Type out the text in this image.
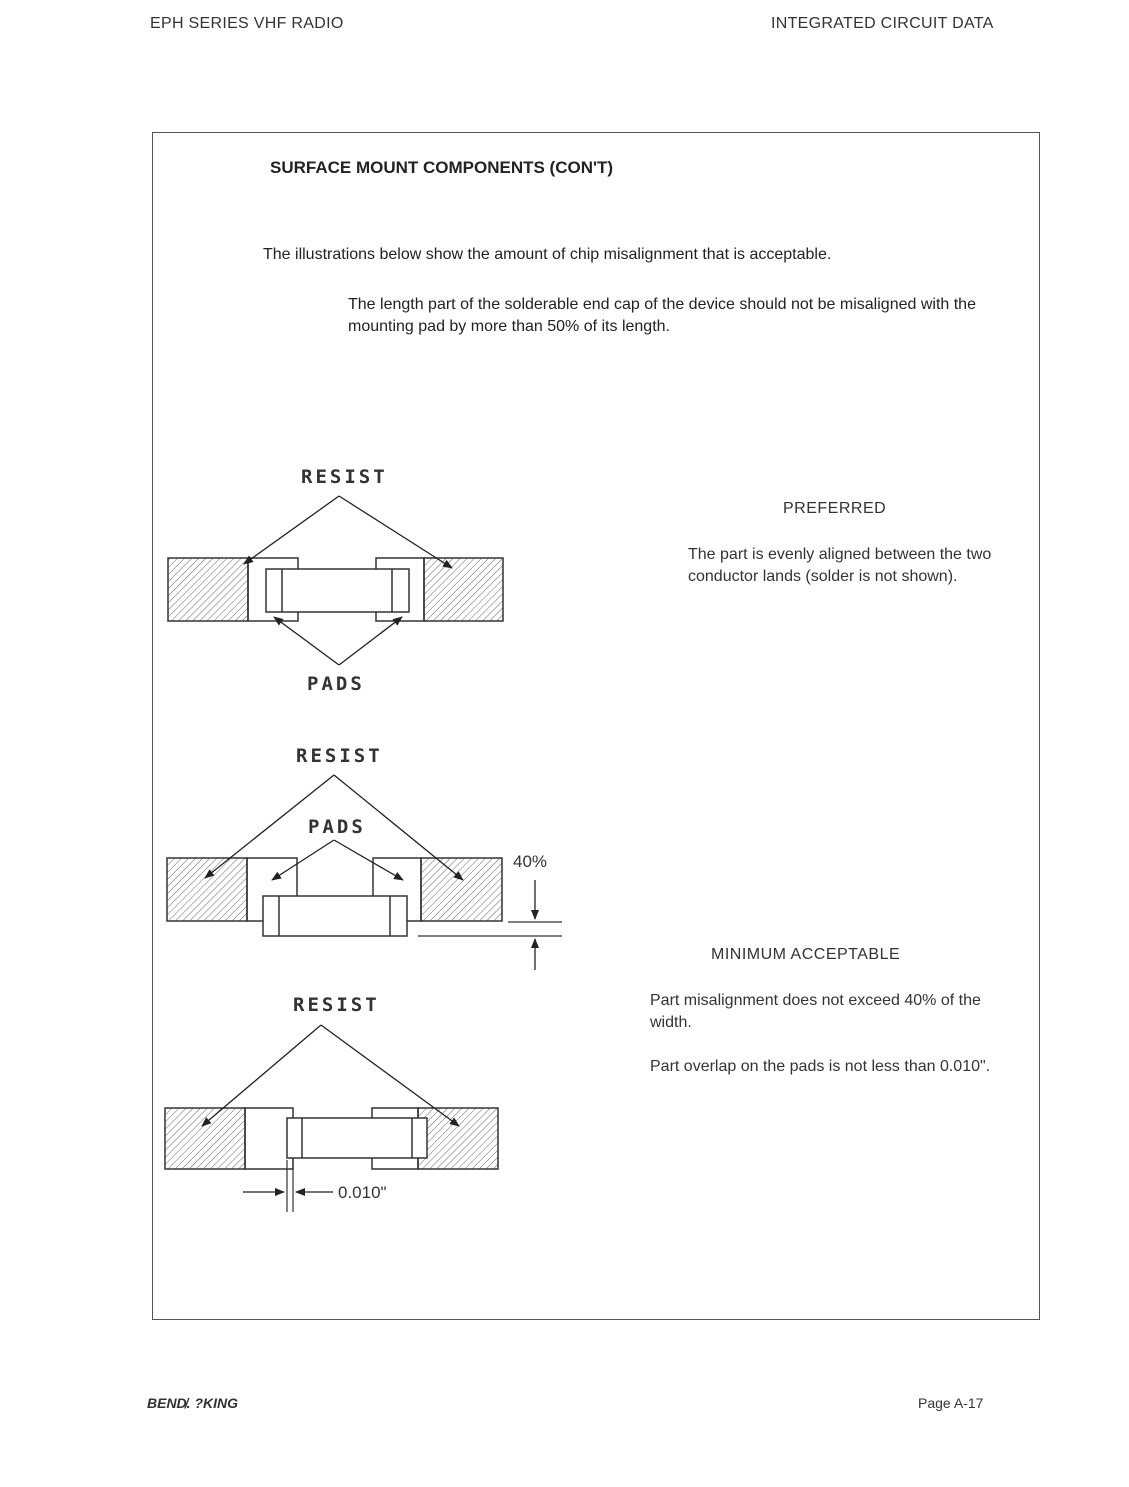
EPH SERIES VHF RADIO	INTEGRATED CIRCUIT DATA
SURFACE MOUNT COMPONENTS (CON'T)
The illustrations below show the amount of chip misalignment that is acceptable.
The length part of the solderable end cap of the device should not be misaligned with the mounting pad by more than 50% of its length.
RESIST
PADS
RESIST
PADS
40%
RESIST
0.010"
PREFERRED
The part is evenly aligned between the two conductor lands (solder is not shown).
MINIMUM ACCEPTABLE
Part misalignment does not exceed 40% of the width.
Part overlap on the pads is not less than 0.010".
BEND̸. ?KING	Page A-17
